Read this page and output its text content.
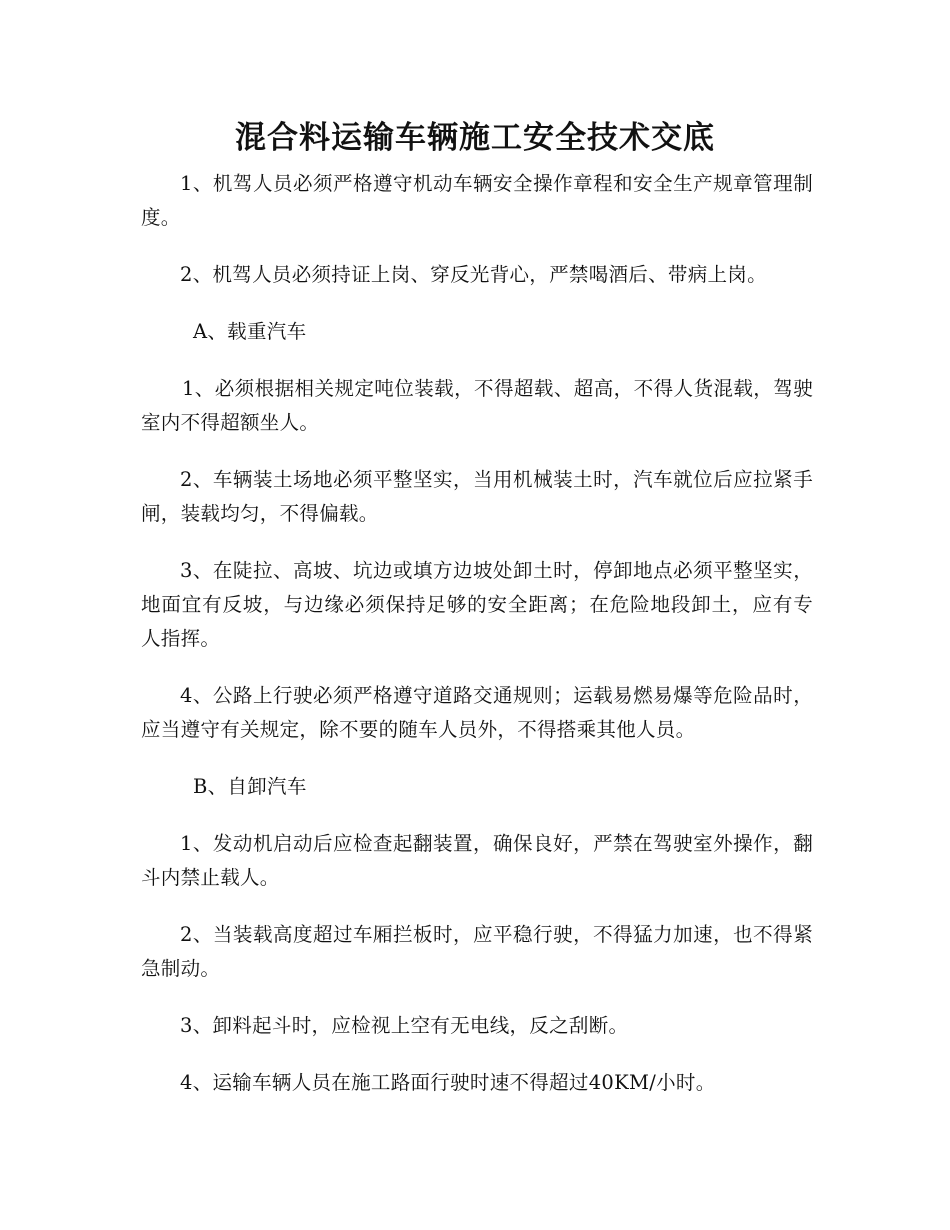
混合料运输车辆施工安全技术交底

1、机驾人员必须严格遵守机动车辆安全操作章程和安全生产规章管理制度。

2、机驾人员必须持证上岗、穿反光背心，严禁喝酒后、带病上岗。

A、载重汽车

1、必须根据相关规定吨位装载，不得超载、超高，不得人货混载，驾驶室内不得超额坐人。

2、车辆装土场地必须平整坚实，当用机械装土时，汽车就位后应拉紧手闸，装载均匀，不得偏载。

3、在陡拉、高坡、坑边或填方边坡处卸土时，停卸地点必须平整坚实，地面宜有反坡，与边缘必须保持足够的安全距离；在危险地段卸土，应有专人指挥。

4、公路上行驶必须严格遵守道路交通规则；运载易燃易爆等危险品时，应当遵守有关规定，除不要的随车人员外，不得搭乘其他人员。

B、自卸汽车

1、发动机启动后应检查起翻装置，确保良好，严禁在驾驶室外操作，翻斗内禁止载人。

2、当装载高度超过车厢拦板时，应平稳行驶，不得猛力加速，也不得紧急制动。

3、卸料起斗时，应检视上空有无电线，反之刮断。

4、运输车辆人员在施工路面行驶时速不得超过40KM/小时。
